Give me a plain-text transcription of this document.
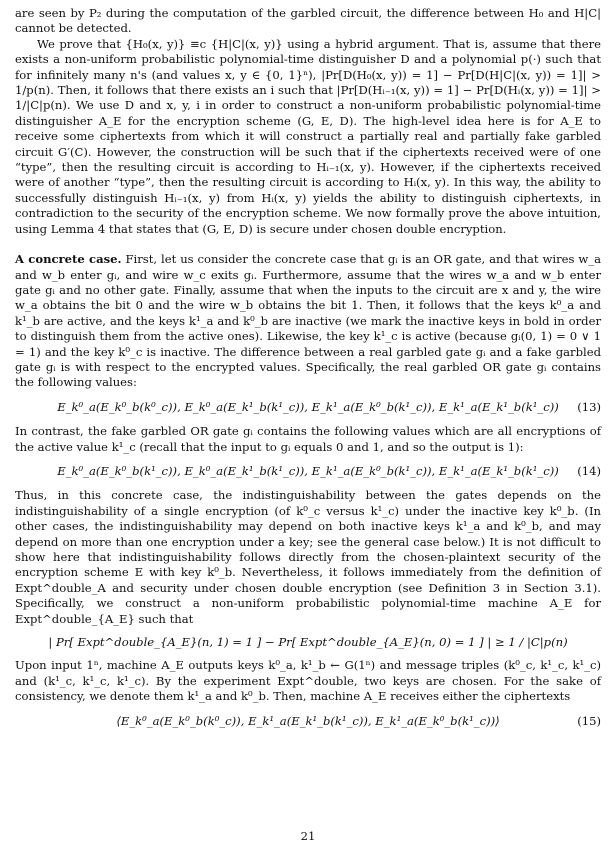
are seen by P₂ during the computation of the garbled circuit, the difference between H₀ and H|C| cannot be detected.

We prove that {H₀(x, y)} ≡c {H|C|(x, y)} using a hybrid argument. That is, assume that there exists a non-uniform probabilistic polynomial-time distinguisher D and a polynomial p(·) such that for infinitely many n's (and values x, y ∈ {0, 1}ⁿ), |Pr[D(H₀(x, y)) = 1] − Pr[D(H|C|(x, y)) = 1]| > 1/p(n). Then, it follows that there exists an i such that |Pr[D(Hᵢ₋₁(x, y)) = 1] − Pr[D(Hᵢ(x, y)) = 1]| > 1/|C|p(n). We use D and x, y, i in order to construct a non-uniform probabilistic polynomial-time distinguisher A_E for the encryption scheme (G, E, D). The high-level idea here is for A_E to receive some ciphertexts from which it will construct a partially real and partially fake garbled circuit G′(C). However, the construction will be such that if the ciphertexts received were of one “type”, then the resulting circuit is according to Hᵢ₋₁(x, y). However, if the ciphertexts received were of another “type”, then the resulting circuit is according to Hᵢ(x, y). In this way, the ability to successfully distinguish Hᵢ₋₁(x, y) from Hᵢ(x, y) yields the ability to distinguish ciphertexts, in contradiction to the security of the encryption scheme. We now formally prove the above intuition, using Lemma 4 that states that (G, E, D) is secure under chosen double encryption.

A concrete case. First, let us consider the concrete case that gᵢ is an OR gate, and that wires w_a and w_b enter gᵢ, and wire w_c exits gᵢ. Furthermore, assume that the wires w_a and w_b enter gate gᵢ and no other gate. Finally, assume that when the inputs to the circuit are x and y, the wire w_a obtains the bit 0 and the wire w_b obtains the bit 1. Then, it follows that the keys k⁰_a and k¹_b are active, and the keys k¹_a and k⁰_b are inactive (we mark the inactive keys in bold in order to distinguish them from the active ones). Likewise, the key k¹_c is active (because gᵢ(0, 1) = 0 ∨ 1 = 1) and the key k⁰_c is inactive. The difference between a real garbled gate gᵢ and a fake garbled gate gᵢ is with respect to the encrypted values. Specifically, the real garbled OR gate gᵢ contains the following values:

E_k⁰_a(E_k⁰_b(k⁰_c)), E_k⁰_a(E_k¹_b(k¹_c)), E_k¹_a(E_k⁰_b(k¹_c)), E_k¹_a(E_k¹_b(k¹_c)) (13)

In contrast, the fake garbled OR gate gᵢ contains the following values which are all encryptions of the active value k¹_c (recall that the input to gᵢ equals 0 and 1, and so the output is 1):

E_k⁰_a(E_k⁰_b(k¹_c)), E_k⁰_a(E_k¹_b(k¹_c)), E_k¹_a(E_k⁰_b(k¹_c)), E_k¹_a(E_k¹_b(k¹_c)) (14)

Thus, in this concrete case, the indistinguishability between the gates depends on the indistinguishability of a single encryption (of k⁰_c versus k¹_c) under the inactive key k⁰_b. (In other cases, the indistinguishability may depend on both inactive keys k¹_a and k⁰_b, and may depend on more than one encryption under a key; see the general case below.) It is not difficult to show here that indistinguishability follows directly from the chosen-plaintext security of the encryption scheme E with key k⁰_b. Nevertheless, it follows immediately from the definition of Expt^double_A and security under chosen double encryption (see Definition 3 in Section 3.1). Specifically, we construct a non-uniform probabilistic polynomial-time machine A_E for Expt^double_{A_E} such that

| Pr[ Expt^double_{A_E}(n, 1) = 1 ] − Pr[ Expt^double_{A_E}(n, 0) = 1 ] | ≥ 1 / |C|p(n)

Upon input 1ⁿ, machine A_E outputs keys k⁰_a, k¹_b ← G(1ⁿ) and message triples (k⁰_c, k¹_c, k¹_c) and (k¹_c, k¹_c, k¹_c). By the experiment Expt^double, two keys are chosen. For the sake of consistency, we denote them k¹_a and k⁰_b. Then, machine A_E receives either the ciphertexts

⟨E_k⁰_a(E_k⁰_b(k⁰_c)), E_k¹_a(E_k¹_b(k¹_c)), E_k¹_a(E_k⁰_b(k¹_c))⟩	(15)
21
